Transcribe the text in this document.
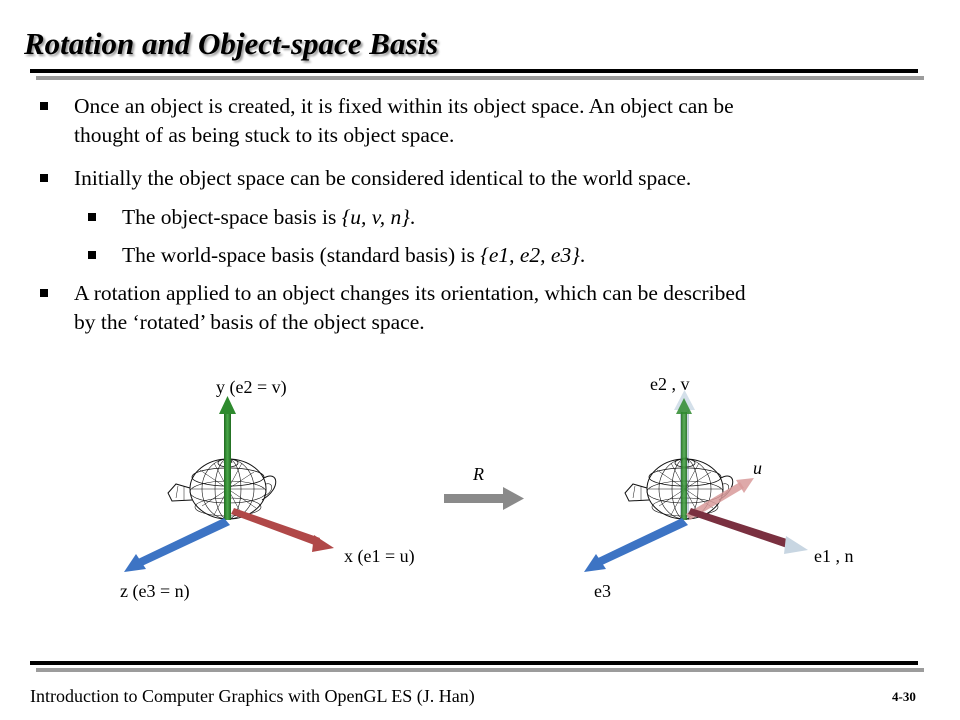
Rotation and Object-space Basis
Once an object is created, it is fixed within its object space. An object can be
thought of as being stuck to its object space.
Initially the object space can be considered identical to the world space.
The object-space basis is {u, v, n}.
The world-space basis (standard basis) is {e1, e2, e3}.
A rotation applied to an object changes its orientation, which can be described
by the ‘rotated’ basis of the object space.
y (e2 = v)
x (e1 = u)
z (e3 = n)
R
e2 , v
u
e1 , n
e3
Introduction to Computer Graphics with OpenGL ES (J. Han)	4-30
